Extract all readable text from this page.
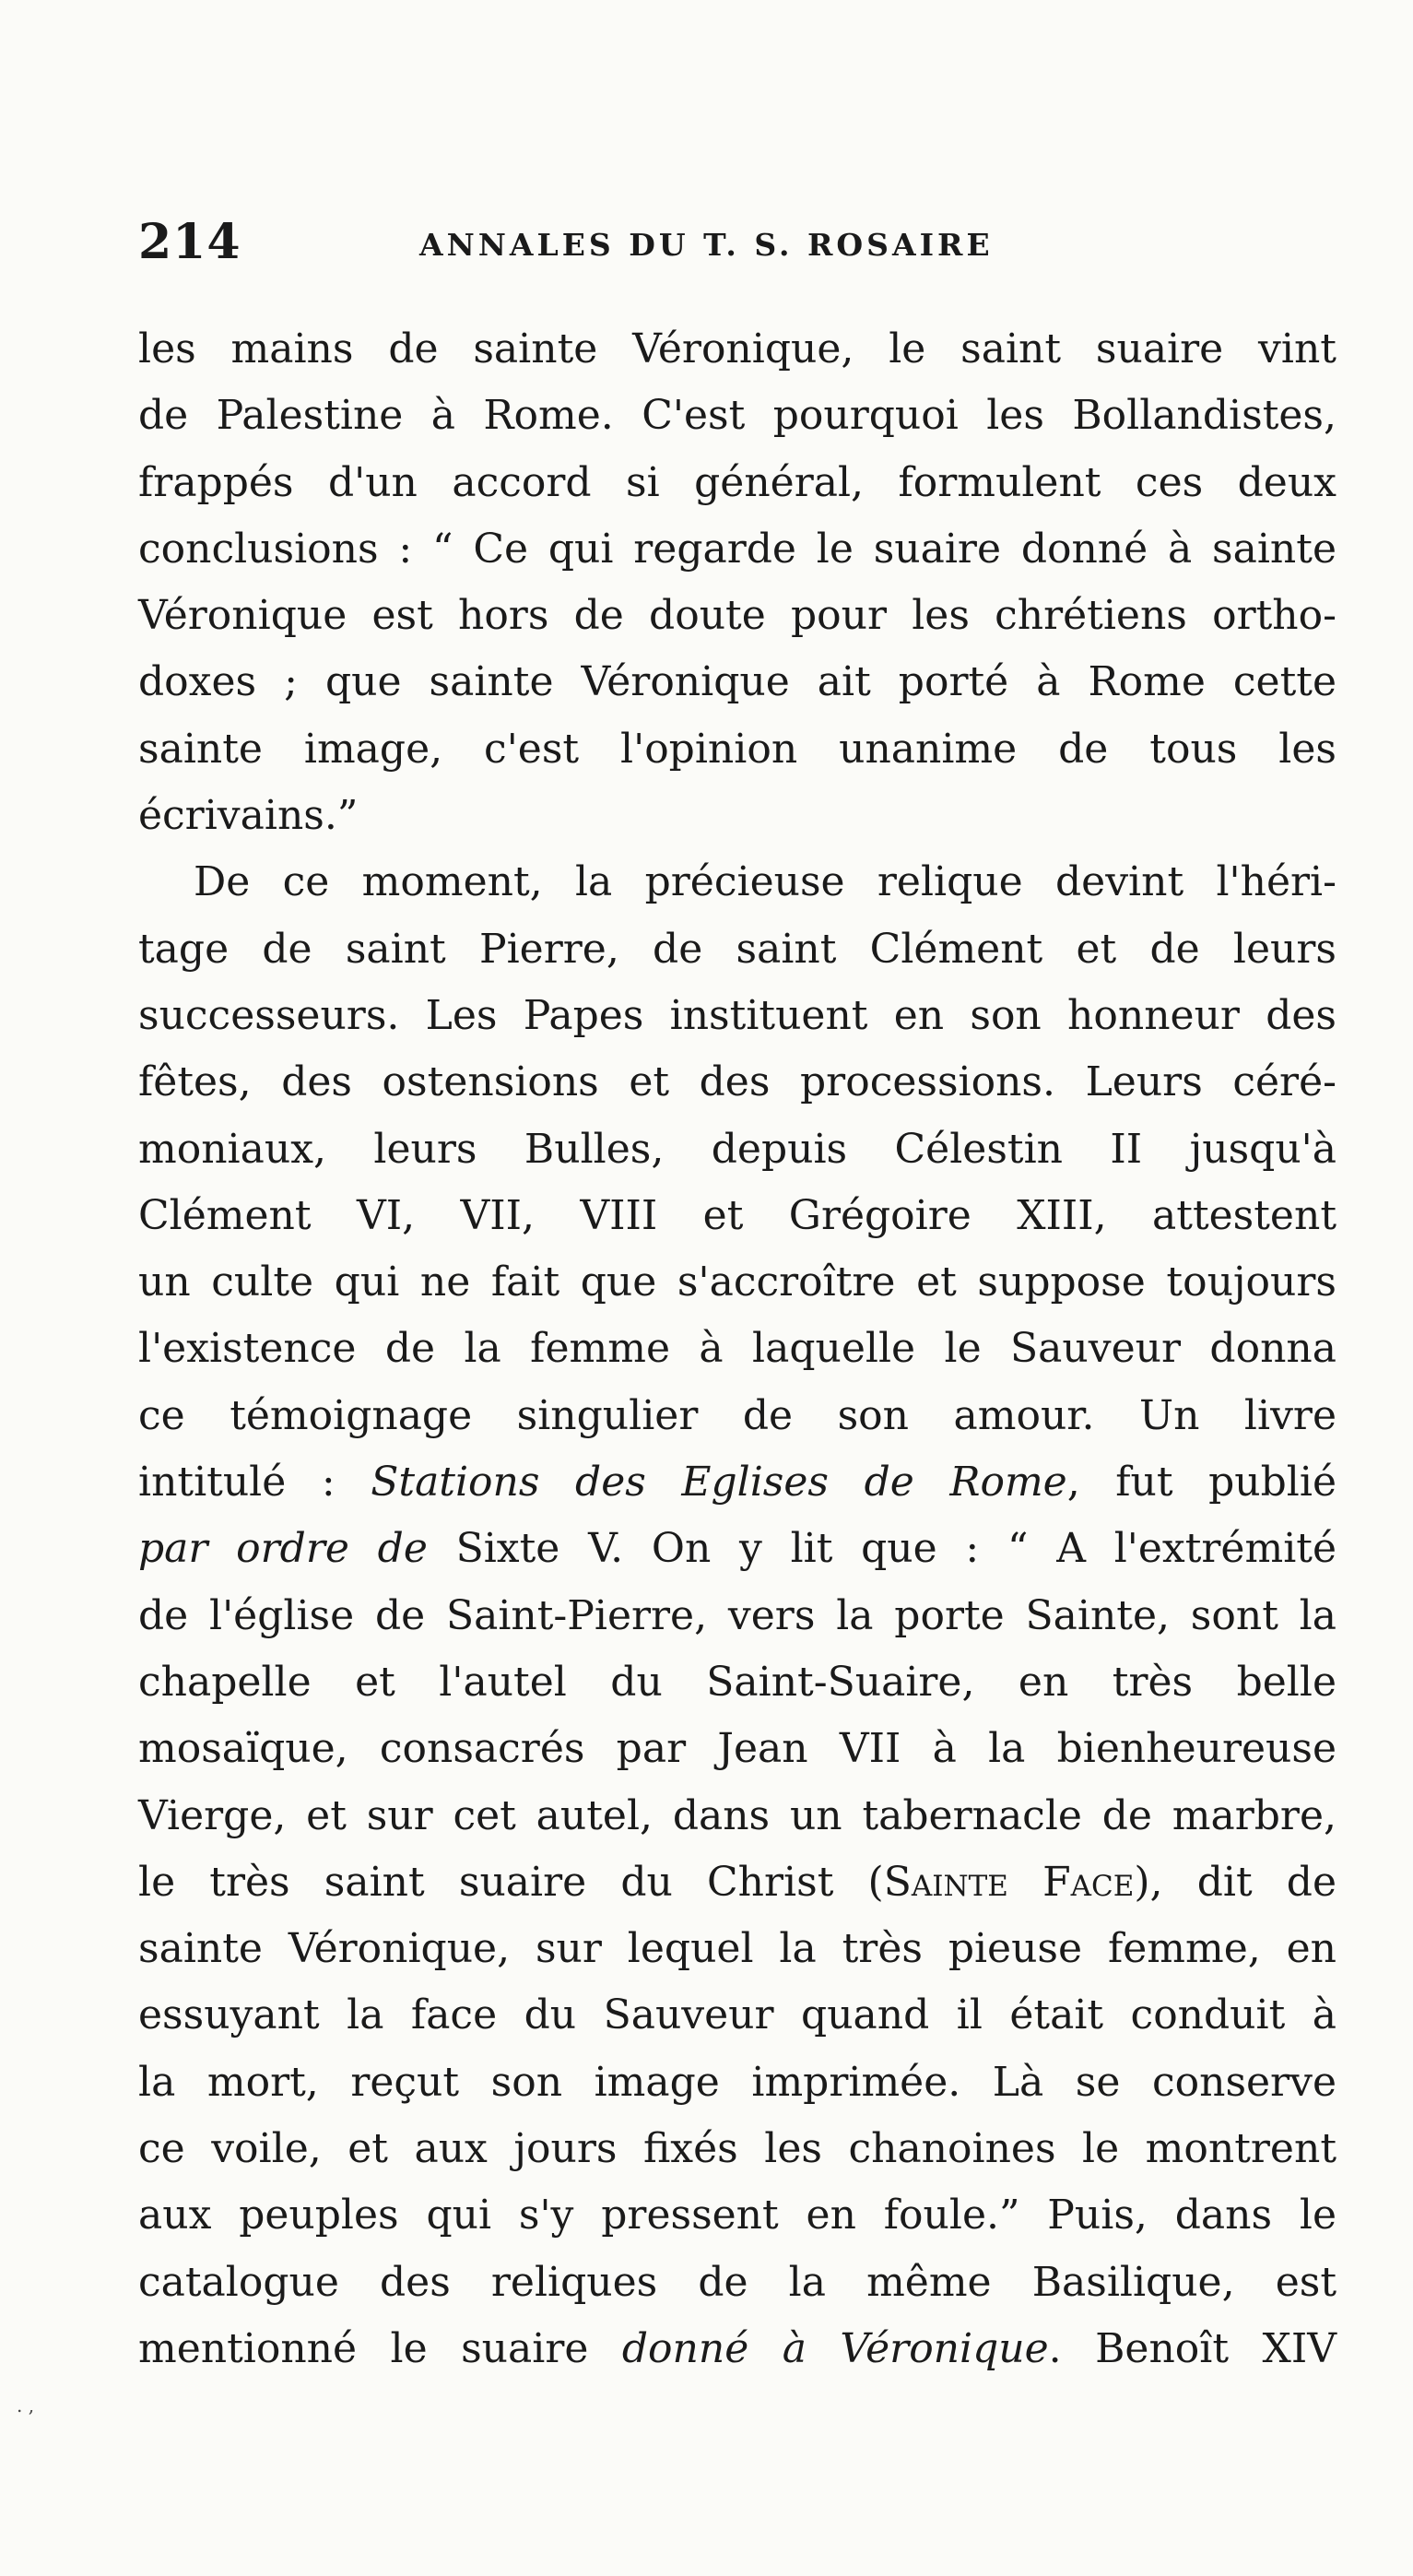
214	ANNALES DU T. S. ROSAIRE
les mains de sainte Véronique, le saint suaire vint
de Palestine à Rome. C'est pourquoi les Bollandistes,
frappés d'un accord si général, formulent ces deux
conclusions : “ Ce qui regarde le suaire donné à sainte
Véronique est hors de doute pour les chrétiens ortho-
doxes ; que sainte Véronique ait porté à Rome cette
sainte image, c'est l'opinion unanime de tous les
écrivains.”
De ce moment, la précieuse relique devint l'héri-
tage de saint Pierre, de saint Clément et de leurs
successeurs. Les Papes instituent en son honneur des
fêtes, des ostensions et des processions. Leurs céré-
moniaux, leurs Bulles, depuis Célestin II jusqu'à
Clément VI, VII, VIII et Grégoire XIII, attestent
un culte qui ne fait que s'accroître et suppose toujours
l'existence de la femme à laquelle le Sauveur donna
ce témoignage singulier de son amour. Un livre
intitulé : Stations des Eglises de Rome, fut publié
par ordre de Sixte V. On y lit que : “ A l'extrémité
de l'église de Saint-Pierre, vers la porte Sainte, sont la
chapelle et l'autel du Saint-Suaire, en très belle
mosaïque, consacrés par Jean VII à la bienheureuse
Vierge, et sur cet autel, dans un tabernacle de marbre,
le très saint suaire du Christ (Sainte Face), dit de
sainte Véronique, sur lequel la très pieuse femme, en
essuyant la face du Sauveur quand il était conduit à
la mort, reçut son image imprimée. Là se conserve
ce voile, et aux jours fixés les chanoines le montrent
aux peuples qui s'y pressent en foule.” Puis, dans le
catalogue des reliques de la même Basilique, est
mentionné le suaire donné à Véronique. Benoît XIV
. ,
